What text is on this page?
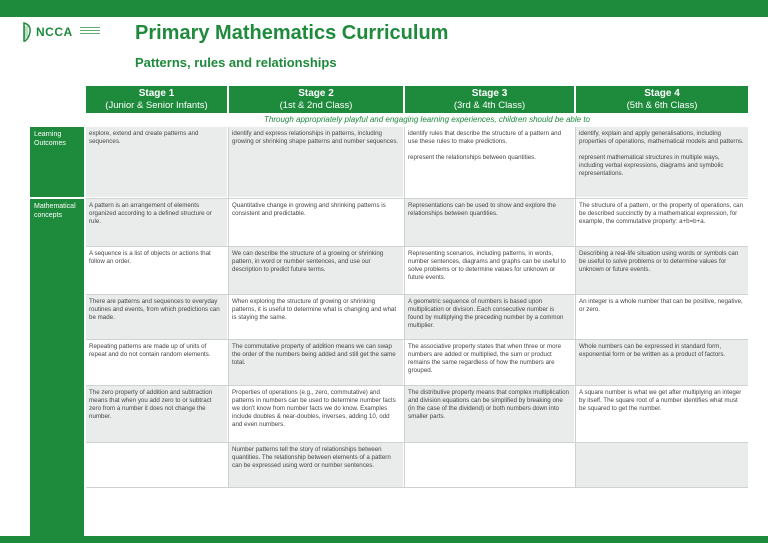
NCCA	Primary Mathematics Curriculum
Patterns, rules and relationships
Stage 1
(Junior & Senior Infants)
Stage 2
(1st & 2nd Class)
Stage 3
(3rd & 4th Class)
Stage 4
(5th & 6th Class)
Through appropriately playful and engaging learning experiences, children should be able to
Learning Outcomes
Mathematical concepts

explore, extend and create patterns and sequences.

identify and express relationships in patterns, including growing or shrinking shape patterns and number sequences.

identify rules that describe the structure of a pattern and use these rules to make predictions.

represent the relationships between quantities.

identify, explain and apply generalisations, including properties of operations, mathematical models and patterns.

represent mathematical structures in multiple ways, including verbal expressions, diagrams and symbolic representations.

A pattern is an arrangement of elements organized according to a defined structure or rule.
Quantitative change in growing and shrinking patterns is consistent and predictable.
Representations can be used to show and explore the relationships between quantities.
The structure of a pattern, or the property of operations, can be described succinctly by a mathematical expression, for example, the commutative property: a+b=b+a.
A sequence is a list of objects or actions that follow an order.
We can describe the structure of a growing or shrinking pattern, in word or number sentences, and use our description to predict future terms.
Representing scenarios, including patterns, in words, number sentences, diagrams and graphs can be useful to solve problems or to determine values for unknown or future events.
Describing a real-life situation using words or symbols can be useful to solve problems or to determine values for unknown or future events.
There are patterns and sequences to everyday routines and events, from which predictions can be made.
When exploring the structure of growing or shrinking patterns, it is useful to determine what is changing and what is staying the same.
A geometric sequence of numbers is based upon multiplication or division. Each consecutive number is found by multiplying the preceding number by a common multiplier.
An integer is a whole number that can be positive, negative, or zero.
Repeating patterns are made up of units of repeat and do not contain random elements.
The commutative property of addition means we can swap the order of the numbers being added and still get the same total.
The associative property states that when three or more numbers are added or multiplied, the sum or product remains the same regardless of how the numbers are grouped.
Whole numbers can be expressed in standard form, exponential form or be written as a product of factors.
The zero property of addition and subtraction means that when you add zero to or subtract zero from a number it does not change the number.
Properties of operations (e.g., zero, commutative) and patterns in numbers can be used to determine number facts we don't know from number facts we do know. Examples include doubles & near-doubles, inverses, adding 10, odd and even numbers.
The distributive property means that complex multiplication and division equations can be simplified by breaking one (in the case of the dividend) or both numbers down into smaller parts.
A square number is what we get after multiplying an integer by itself. The square root of a number identifies what must be squared to get the number.
Number patterns tell the story of relationships between quantities. The relationship between elements of a pattern can be expressed using word or number sentences.
